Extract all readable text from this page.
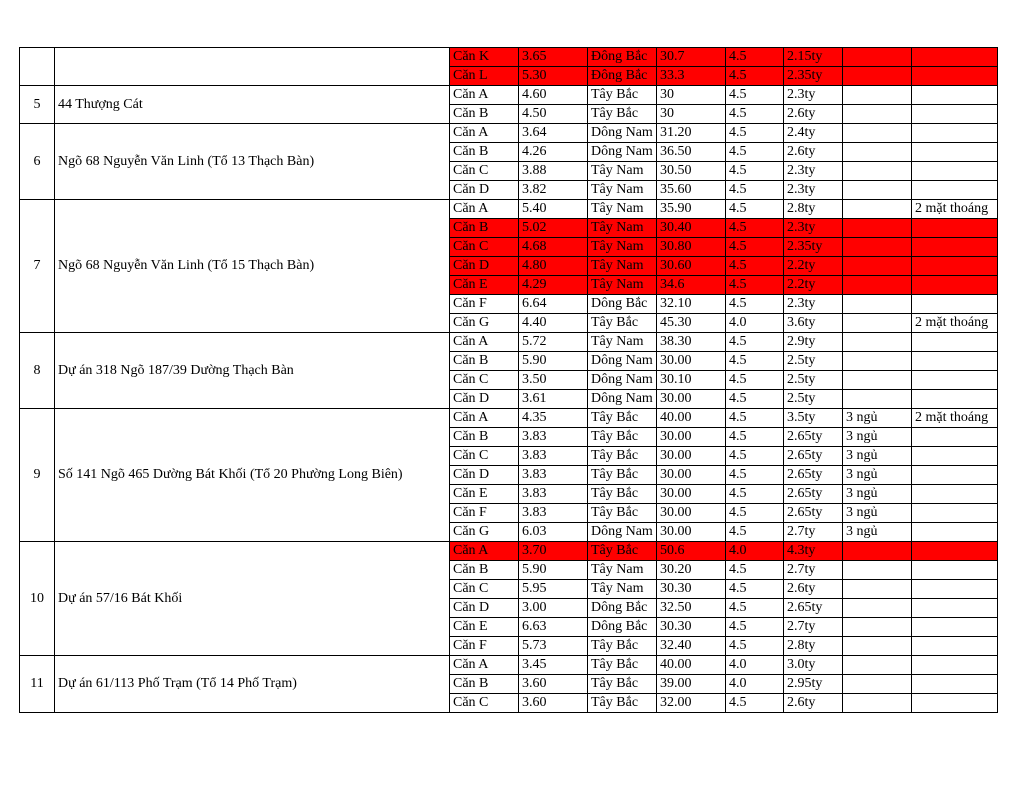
		Căn K	3.65	Đông Bắc	30.7	4.5	2.15ty		
		Căn L	5.30	Đông Bắc	33.3	4.5	2.35ty		
5	44 Thượng Cát	Căn A	4.60	Tây Bắc	30	4.5	2.3ty		
		Căn B	4.50	Tây Bắc	30	4.5	2.6ty		
6	Ngõ 68 Nguyễn Văn Linh (Tổ 13 Thạch Bàn)	Căn A	3.64	Dông Nam	31.20	4.5	2.4ty		
		Căn B	4.26	Dông Nam	36.50	4.5	2.6ty		
		Căn C	3.88	Tây Nam	30.50	4.5	2.3ty		
		Căn D	3.82	Tây Nam	35.60	4.5	2.3ty		
7	Ngõ 68 Nguyễn Văn Linh (Tổ 15 Thạch Bàn)	Căn A	5.40	Tây Nam	35.90	4.5	2.8ty		2 mặt thoáng
		Căn B	5.02	Tây Nam	30.40	4.5	2.3ty		
		Căn C	4.68	Tây Nam	30.80	4.5	2.35ty		
		Căn D	4.80	Tây Nam	30.60	4.5	2.2ty		
		Căn E	4.29	Tây Nam	34.6	4.5	2.2ty		
		Căn F	6.64	Dông Bắc	32.10	4.5	2.3ty		
		Căn G	4.40	Tây Bắc	45.30	4.0	3.6ty		2 mặt thoáng
8	Dự án 318 Ngõ 187/39 Dường Thạch Bàn	Căn A	5.72	Tây Nam	38.30	4.5	2.9ty		
		Căn B	5.90	Dông Nam	30.00	4.5	2.5ty		
		Căn C	3.50	Dông Nam	30.10	4.5	2.5ty		
		Căn D	3.61	Dông Nam	30.00	4.5	2.5ty		
9	Số 141 Ngõ 465 Dường Bát Khối (Tổ 20 Phường Long Biên)	Căn A	4.35	Tây Bắc	40.00	4.5	3.5ty	3 ngủ	2 mặt thoáng
		Căn B	3.83	Tây Bắc	30.00	4.5	2.65ty	3 ngủ	
		Căn C	3.83	Tây Bắc	30.00	4.5	2.65ty	3 ngủ	
		Căn D	3.83	Tây Bắc	30.00	4.5	2.65ty	3 ngủ	
		Căn E	3.83	Tây Bắc	30.00	4.5	2.65ty	3 ngủ	
		Căn F	3.83	Tây Bắc	30.00	4.5	2.65ty	3 ngủ	
		Căn G	6.03	Dông Nam	30.00	4.5	2.7ty	3 ngủ	
10	Dự án 57/16 Bát Khối	Căn A	3.70	Tây Bắc	50.6	4.0	4.3ty		
		Căn B	5.90	Tây Nam	30.20	4.5	2.7ty		
		Căn C	5.95	Tây Nam	30.30	4.5	2.6ty		
		Căn D	3.00	Dông Bắc	32.50	4.5	2.65ty		
		Căn E	6.63	Dông Bắc	30.30	4.5	2.7ty		
		Căn F	5.73	Tây Bắc	32.40	4.5	2.8ty		
11	Dự án 61/113 Phố Trạm (Tổ 14 Phố Trạm)	Căn A	3.45	Tây Bắc	40.00	4.0	3.0ty		
		Căn B	3.60	Tây Bắc	39.00	4.0	2.95ty		
		Căn C	3.60	Tây Bắc	32.00	4.5	2.6ty		
